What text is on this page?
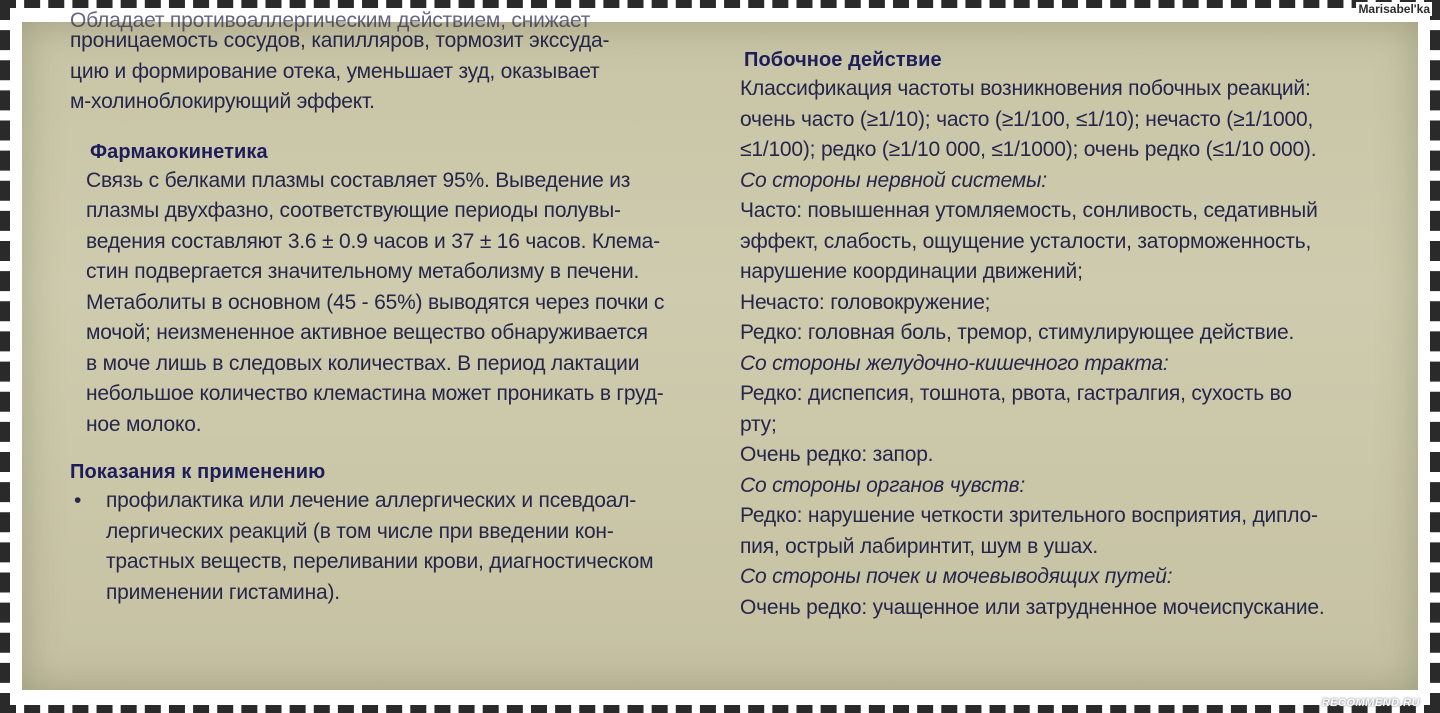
Обладает противоаллергическим действием, снижает
проницаемость сосудов, капилляров, тормозит экссуда-
цию и формирование отека, уменьшает зуд, оказывает
м-холиноблокирующий эффект.
Фармакокинетика
Связь с белками плазмы составляет 95%. Выведение из
плазмы двухфазно, соответствующие периоды полувы-
ведения составляют 3.6 ± 0.9 часов и 37 ± 16 часов. Клема-
стин подвергается значительному метаболизму в печени.
Метаболиты в основном (45 - 65%) выводятся через почки с
мочой; неизмененное активное вещество обнаруживается
в моче лишь в следовых количествах. В период лактации
небольшое количество клемастина может проникать в груд-
ное молоко.
Показания к применению
• профилактика или лечение аллергических и псевдоал-
лергических реакций (в том числе при введении кон-
трастных веществ, переливании крови, диагностическом
применении гистамина).
Побочное действие
Классификация частоты возникновения побочных реакций:
очень часто (≥1/10); часто (≥1/100, ≤1/10); нечасто (≥1/1000,
≤1/100); редко (≥1/10 000, ≤1/1000); очень редко (≤1/10 000).
Со стороны нервной системы:
Часто: повышенная утомляемость, сонливость, седативный
эффект, слабость, ощущение усталости, заторможенность,
нарушение координации движений;
Нечасто: головокружение;
Редко: головная боль, тремор, стимулирующее действие.
Со стороны желудочно-кишечного тракта:
Редко: диспепсия, тошнота, рвота, гастралгия, сухость во
рту;
Очень редко: запор.
Со стороны органов чувств:
Редко: нарушение четкости зрительного восприятия, дипло-
пия, острый лабиринтит, шум в ушах.
Со стороны почек и мочевыводящих путей:
Очень редко: учащенное или затрудненное мочеиспускание.
Marisabel'ka
RECOMMEND.RU
